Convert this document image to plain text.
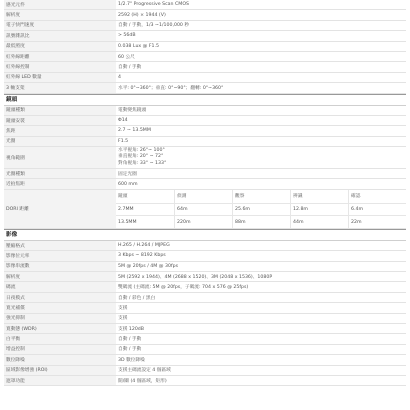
感光元件	1/2.7" Progressive Scan CMOS
解析度	2592 (H) × 1944 (V)
電子快門速度	自動 / 手動，1/3 ~1/100,000 秒
訊號雜訊比	> 56dB
最低照度	0.038 Lux @ F1.5
紅外線距離	60 公尺
紅外線控制	自動 / 手動
紅外線 LED 數量	4
3 軸支架	水平: 0°~360°；垂直: 0°~90°；翻轉: 0°~360°
鏡頭
鏡頭種類	電動變焦鏡頭
鏡頭安裝	Φ14
焦距	2.7 ~ 13.5MM
光圈	F1.5
視角範圍
水平視角: 26°~ 100°
垂直視角: 20° ~ 72°
對角視角: 33° ~ 133°
光圈種類	固定光圈
近拍焦距	600 mm
DORI 距離
鏡頭	偵測	觀察	辨識	確認
2.7MM	64m	25.6m	12.8m	6.4m
13.5MM	220m	88m	44m	22m
影像
壓縮格式	H.265 / H.264 / MJPEG
影像位元率	3 Kbps ~ 8192 Kbps
影像串流數	5M @ 20fps / 4M @ 30fps
解析度	5M (2592 x 1944)、4M (2688 x 1520)、3M (2048 x 1536)、1080P
碼流	雙碼流 (主碼流: 5M @ 20fps，子碼流: 704 x 576 @ 25fps)
日夜模式	自動 / 彩色 / 黑白
寬光補償	支援
強光抑制	支援
寬動態 (WDR)	支援 120dB
白平衡	自動 / 手動
增益控制	自動 / 手動
數位降噪	3D 數位降噪
區域影像增強 (ROI)	支援主碼流設定 4 個區域
遮罩功能	開/關 (4 個區域，矩形)
